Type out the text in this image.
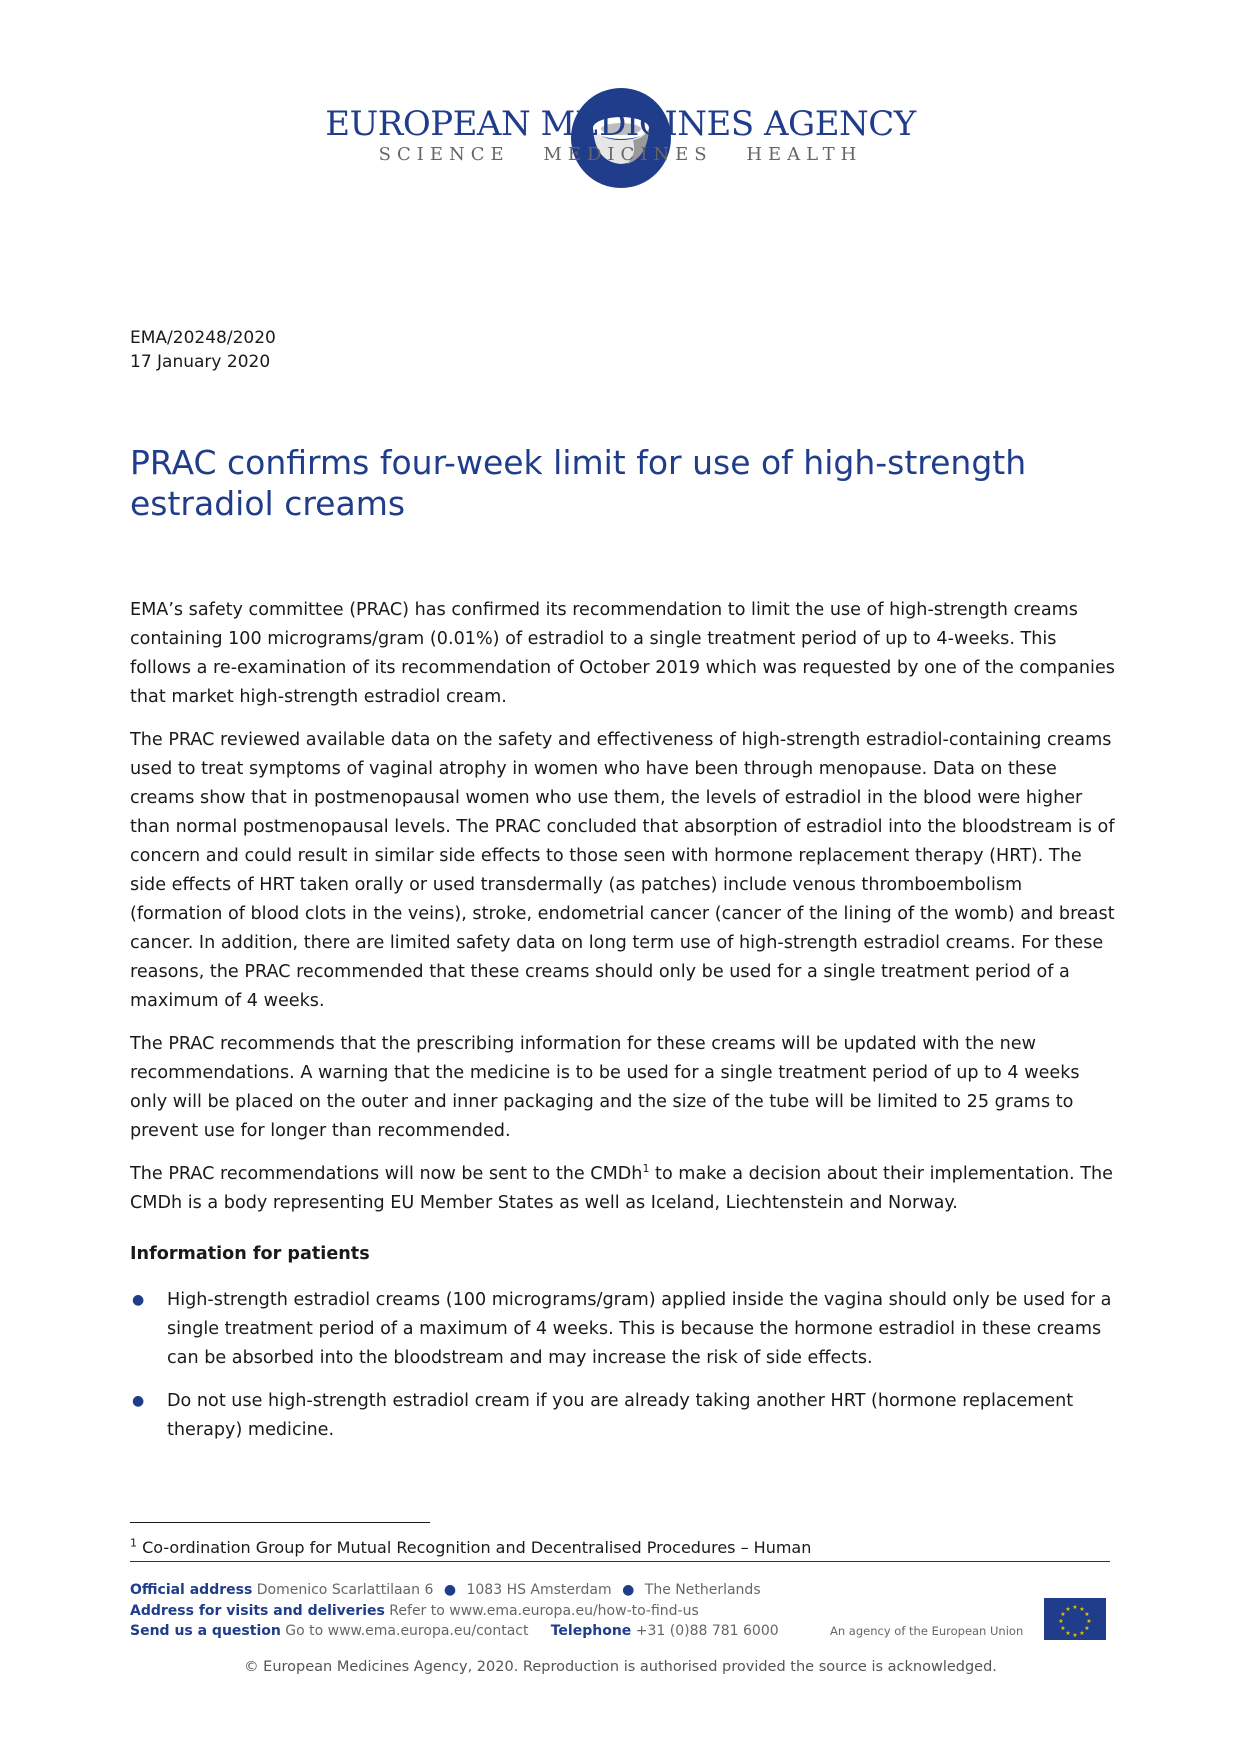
EUROPEAN MEDICINES AGENCY
SCIENCE MEDICINES HEALTH
EMA/20248/2020
17 January 2020
PRAC confirms four-week limit for use of high-strength estradiol creams

EMA’s safety committee (PRAC) has confirmed its recommendation to limit the use of high-strength creams containing 100 micrograms/gram (0.01%) of estradiol to a single treatment period of up to 4-weeks. This follows a re-examination of its recommendation of October 2019 which was requested by one of the companies that market high-strength estradiol cream.

The PRAC reviewed available data on the safety and effectiveness of high-strength estradiol-containing creams used to treat symptoms of vaginal atrophy in women who have been through menopause. Data on these creams show that in postmenopausal women who use them, the levels of estradiol in the blood were higher than normal postmenopausal levels. The PRAC concluded that absorption of estradiol into the bloodstream is of concern and could result in similar side effects to those seen with hormone replacement therapy (HRT). The side effects of HRT taken orally or used transdermally (as patches) include venous thromboembolism (formation of blood clots in the veins), stroke, endometrial cancer (cancer of the lining of the womb) and breast cancer. In addition, there are limited safety data on long term use of high-strength estradiol creams. For these reasons, the PRAC recommended that these creams should only be used for a single treatment period of a maximum of 4 weeks.

The PRAC recommends that the prescribing information for these creams will be updated with the new recommendations. A warning that the medicine is to be used for a single treatment period of up to 4 weeks only will be placed on the outer and inner packaging and the size of the tube will be limited to 25 grams to prevent use for longer than recommended.

The PRAC recommendations will now be sent to the CMDh$^1$ to make a decision about their implementation. The CMDh is a body representing EU Member States as well as Iceland, Liechtenstein and Norway.

Information for patients
● High-strength estradiol creams (100 micrograms/gram) applied inside the vagina should only be used for a single treatment period of a maximum of 4 weeks. This is because the hormone estradiol in these creams can be absorbed into the bloodstream and may increase the risk of side effects.
● Do not use high-strength estradiol cream if you are already taking another HRT (hormone replacement therapy) medicine.
$^1$ Co-ordination Group for Mutual Recognition and Decentralised Procedures – Human
Official address Domenico Scarlattilaan 6 ● 1083 HS Amsterdam ● The Netherlands
Address for visits and deliveries Refer to www.ema.europa.eu/how-to-find-us
Send us a question Go to www.ema.europa.eu/contact Telephone +31 (0)88 781 6000	An agency of the European Union
★ ★
★
★
★
★
★
★
★
★
★
★
© European Medicines Agency, 2020. Reproduction is authorised provided the source is acknowledged.
